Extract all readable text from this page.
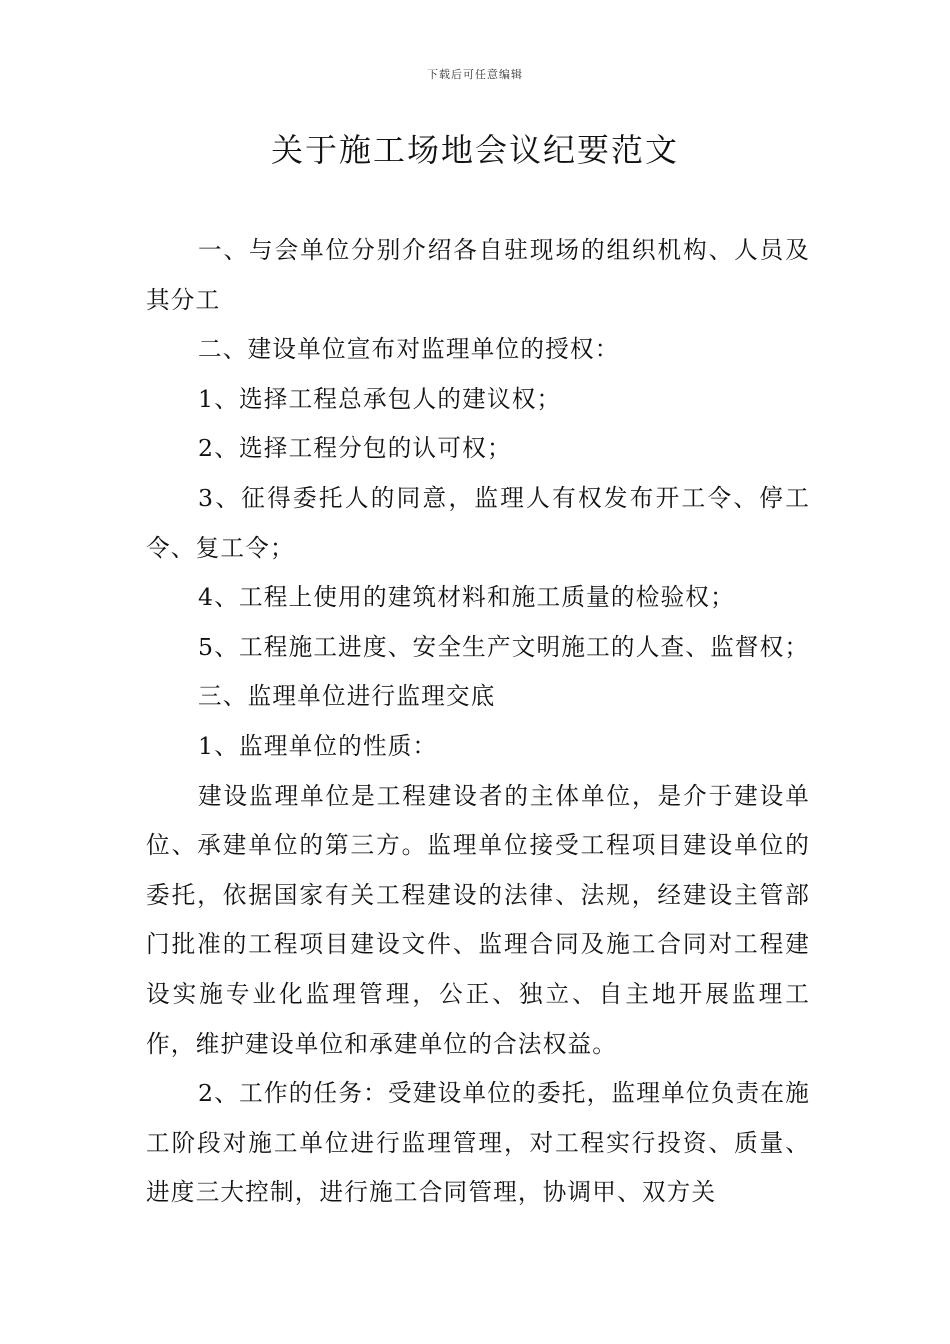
下载后可任意编辑
关于施工场地会议纪要范文

一、与会单位分别介绍各自驻现场的组织机构、人员及其分工

二、建设单位宣布对监理单位的授权：

1、选择工程总承包人的建议权；

2、选择工程分包的认可权；

3、征得委托人的同意，监理人有权发布开工令、停工令、复工令；

4、工程上使用的建筑材料和施工质量的检验权；

5、工程施工进度、安全生产文明施工的人查、监督权；

三、监理单位进行监理交底

1、监理单位的性质：

建设监理单位是工程建设者的主体单位，是介于建设单位、承建单位的第三方。监理单位接受工程项目建设单位的委托，依据国家有关工程建设的法律、法规，经建设主管部门批准的工程项目建设文件、监理合同及施工合同对工程建设实施专业化监理管理，公正、独立、自主地开展监理工作，维护建设单位和承建单位的合法权益。

2、工作的任务：受建设单位的委托，监理单位负责在施工阶段对施工单位进行监理管理，对工程实行投资、质量、进度三大控制，进行施工合同管理，协调甲、双方关
